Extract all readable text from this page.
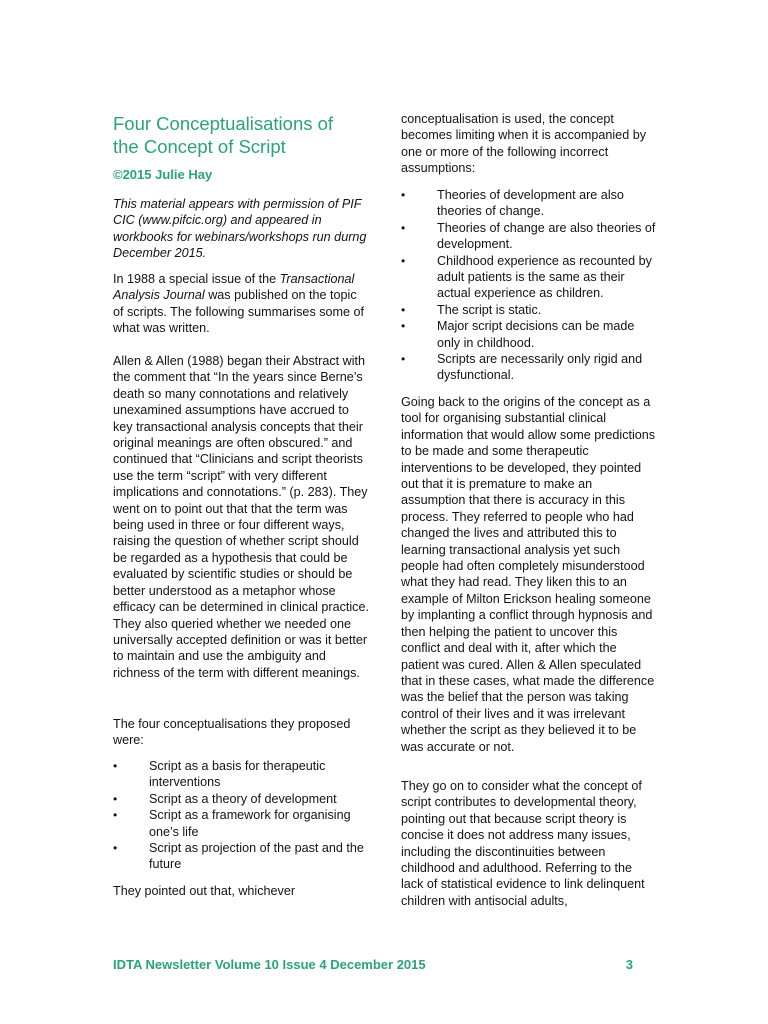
Four Conceptualisations of the Concept of Script
©2015 Julie Hay

This material appears with permission of PIF CIC (www.pifcic.org) and appeared in workbooks for webinars/workshops run durng December 2015.

In 1988 a special issue of the Transactional Analysis Journal was published on the topic of scripts. The following summarises some of what was written.

Allen & Allen (1988) began their Abstract with the comment that “In the years since Berne’s death so many connotations and relatively unexamined assumptions have accrued to key transactional analysis concepts that their original meanings are often obscured.” and continued that “Clinicians and script theorists use the term “script” with very different implications and connotations.” (p. 283). They went on to point out that that the term was being used in three or four different ways, raising the question of whether script should be regarded as a hypothesis that could be evaluated by scientific studies or should be better understood as a metaphor whose efficacy can be determined in clinical practice. They also queried whether we needed one universally accepted definition or was it better to maintain and use the ambiguity and richness of the term with different meanings.

The four conceptualisations they proposed were:

• Script as a basis for therapeutic interventions
• Script as a theory of development
• Script as a framework for organising one’s life
• Script as projection of the past and the future

They pointed out that, whichever

conceptualisation is used, the concept becomes limiting when it is accompanied by one or more of the following incorrect assumptions:

• Theories of development are also theories of change.
• Theories of change are also theories of development.
• Childhood experience as recounted by adult patients is the same as their actual experience as children.
• The script is static.
• Major script decisions can be made only in childhood.
• Scripts are necessarily only rigid and dysfunctional.

Going back to the origins of the concept as a tool for organising substantial clinical information that would allow some predictions to be made and some therapeutic interventions to be developed, they pointed out that it is premature to make an assumption that there is accuracy in this process. They referred to people who had changed the lives and attributed this to learning transactional analysis yet such people had often completely misunderstood what they had read. They liken this to an example of Milton Erickson healing someone by implanting a conflict through hypnosis and then helping the patient to uncover this conflict and deal with it, after which the patient was cured. Allen & Allen speculated that in these cases, what made the difference was the belief that the person was taking control of their lives and it was irrelevant whether the script as they believed it to be was accurate or not.

They go on to consider what the concept of script contributes to developmental theory, pointing out that because script theory is concise it does not address many issues, including the discontinuities between childhood and adulthood. Referring to the lack of statistical evidence to link delinquent children with antisocial adults,

IDTA Newsletter Volume 10 Issue 4 December 2015	3
